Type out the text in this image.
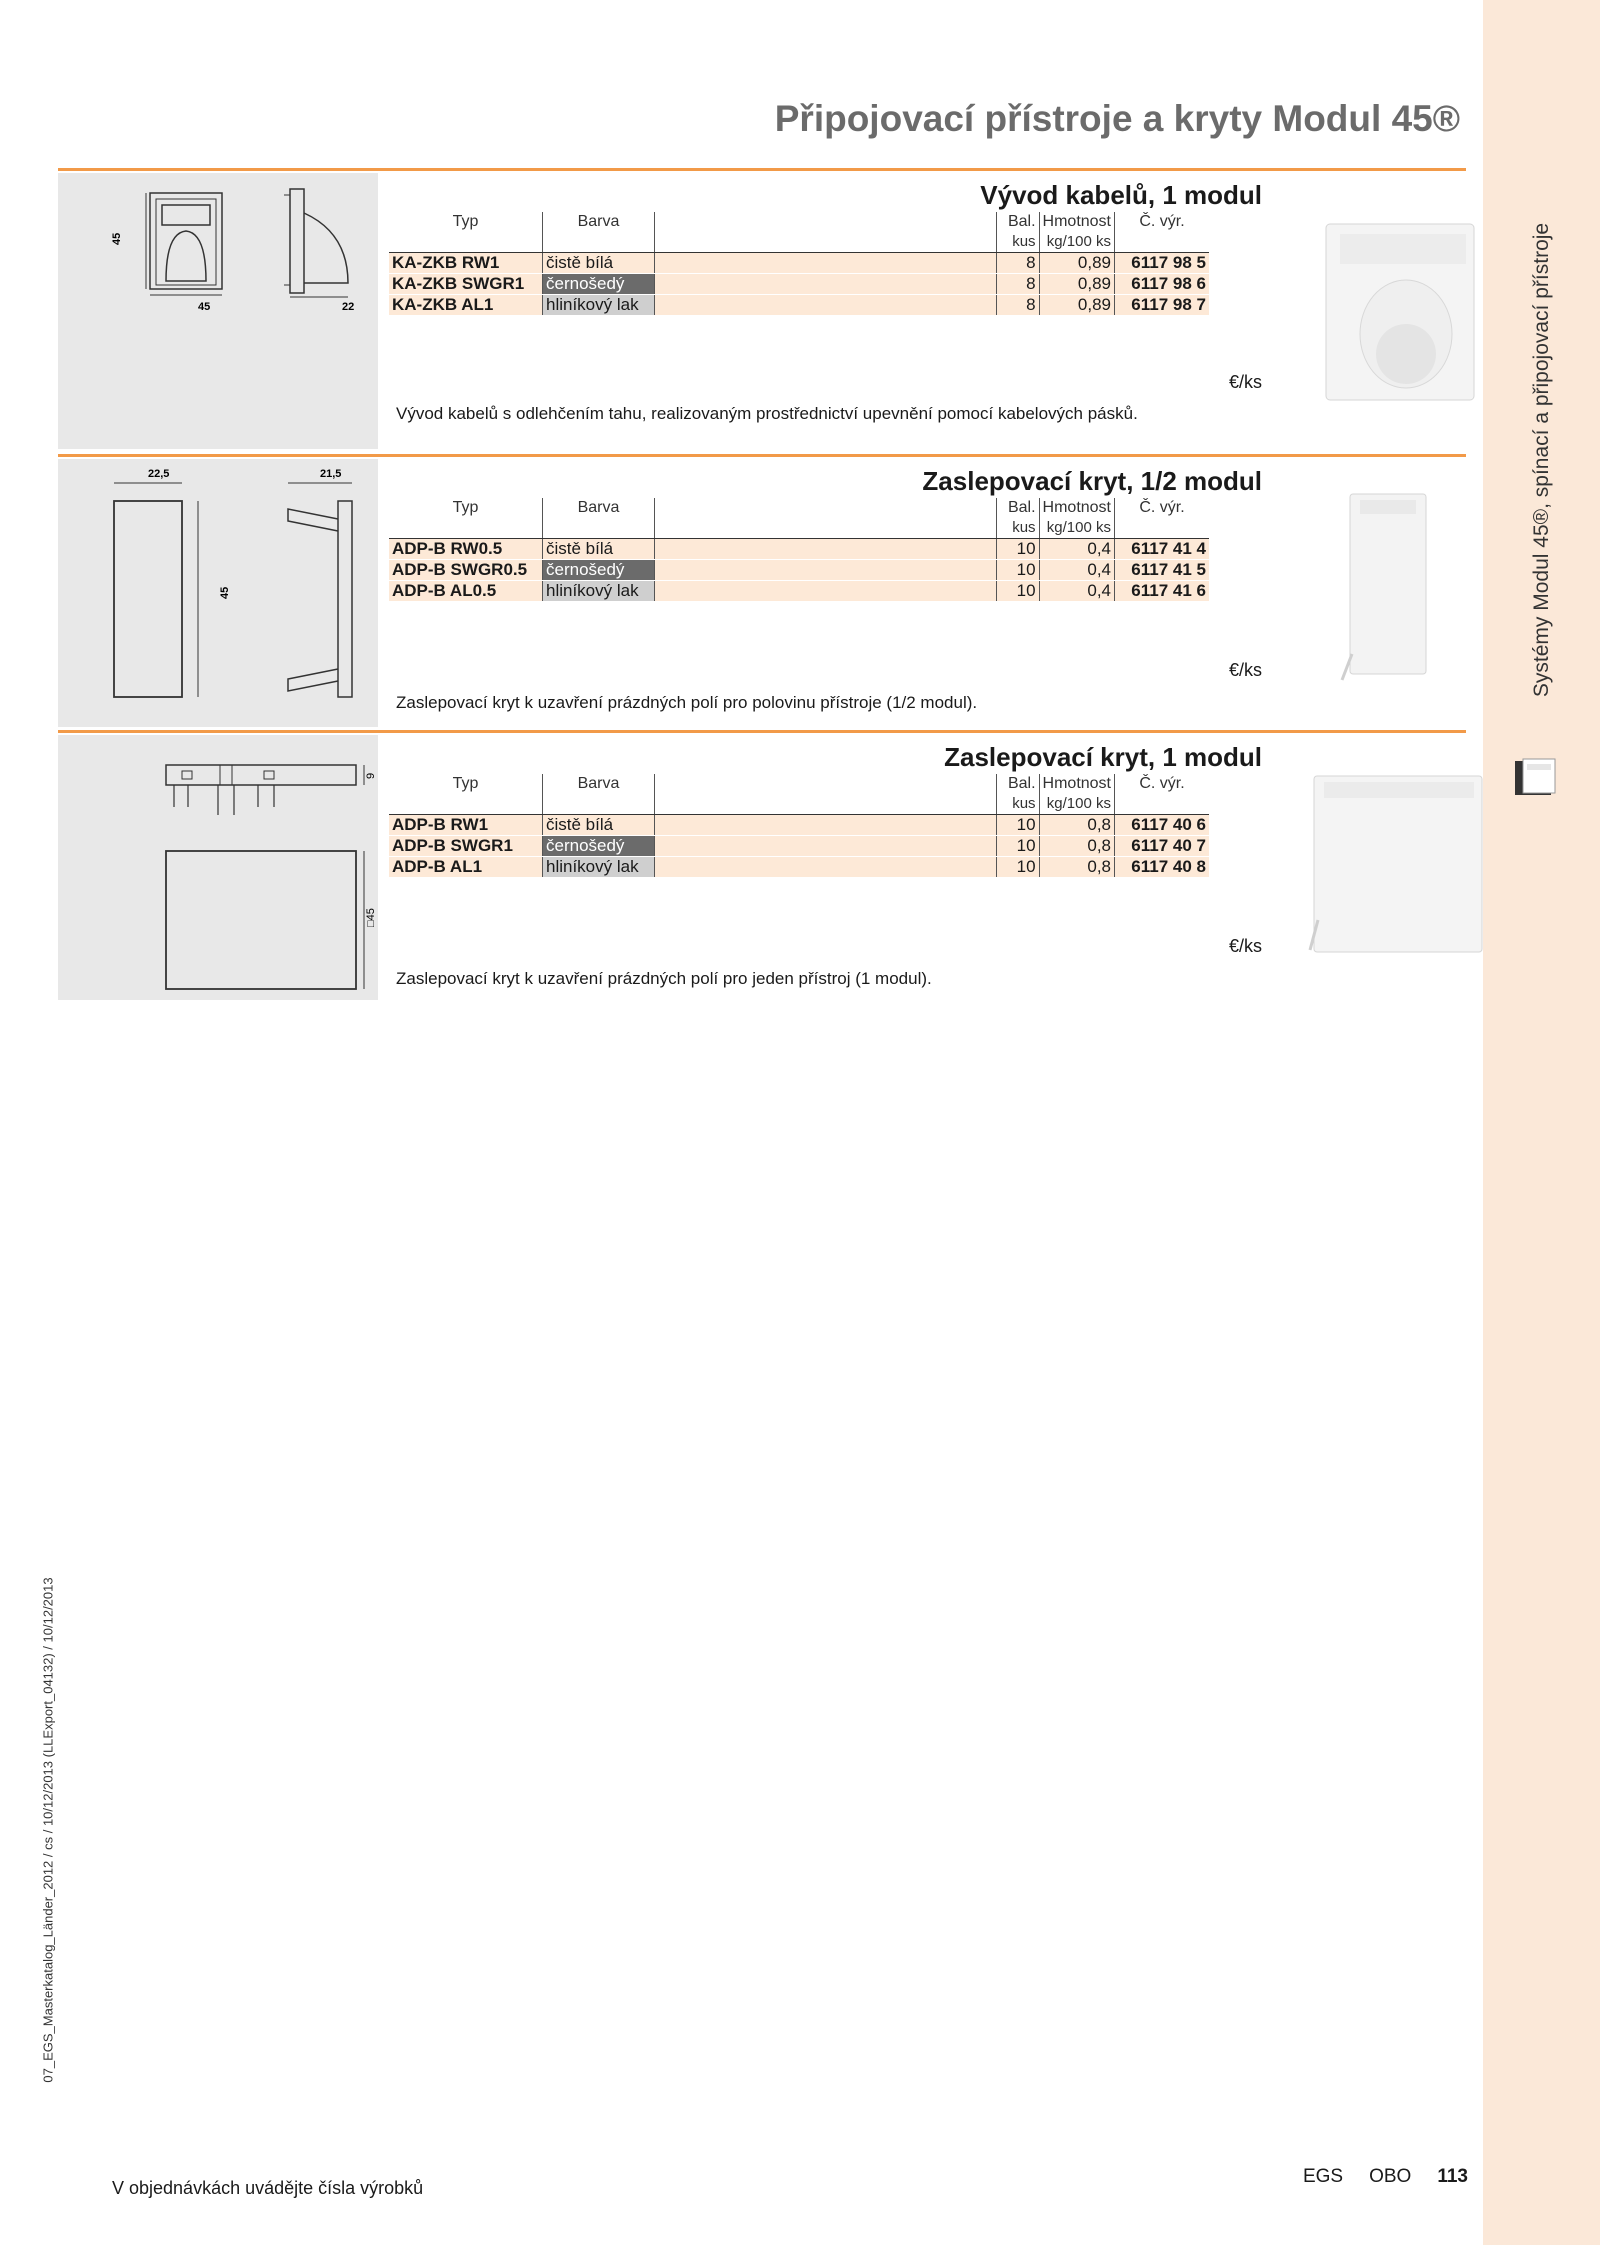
Systémy Modul 45®, spínací a připojovací přístroje
Připojovací přístroje a kryty Modul 45®
45
45	22
Vývod kabelů, 1 modul
Typ	Barva		Bal.	Hmotnost	Č. výr.
			kus	kg/100 ks	
KA-ZKB RW1	čistě bílá		8	0,89	6117 98 5
KA-ZKB SWGR1	černošedý		8	0,89	6117 98 6
KA-ZKB AL1	hliníkový lak		8	0,89	6117 98 7
€/ks

Vývod kabelů s odlehčením tahu, realizovaným prostřednictví upevnění pomocí kabelových pásků.

22,5
45
21,5	Zaslepovací kryt, 1/2 modul
Typ	Barva		Bal.	Hmotnost	Č. výr.
			kus	kg/100 ks	
ADP-B RW0.5	čistě bílá		10	0,4	6117 41 4
ADP-B SWGR0.5	černošedý		10	0,4	6117 41 5
ADP-B AL0.5	hliníkový lak		10	0,4	6117 41 6
€/ks

Zaslepovací kryt k uzavření prázdných polí pro polovinu přístroje (1/2 modul).

9
□45
Zaslepovací kryt, 1 modul
Typ	Barva		Bal.	Hmotnost	Č. výr.
			kus	kg/100 ks	
ADP-B RW1	čistě bílá		10	0,8	6117 40 6
ADP-B SWGR1	černošedý		10	0,8	6117 40 7
ADP-B AL1	hliníkový lak		10	0,8	6117 40 8
€/ks

Zaslepovací kryt k uzavření prázdných polí pro jeden přístroj (1 modul).

07_EGS_Masterkatalog_Länder_2012 / cs / 10/12/2013 (LLExport_04132) / 10/12/2013
V objednávkách uvádějte čísla výrobků
EGS OBO 113
